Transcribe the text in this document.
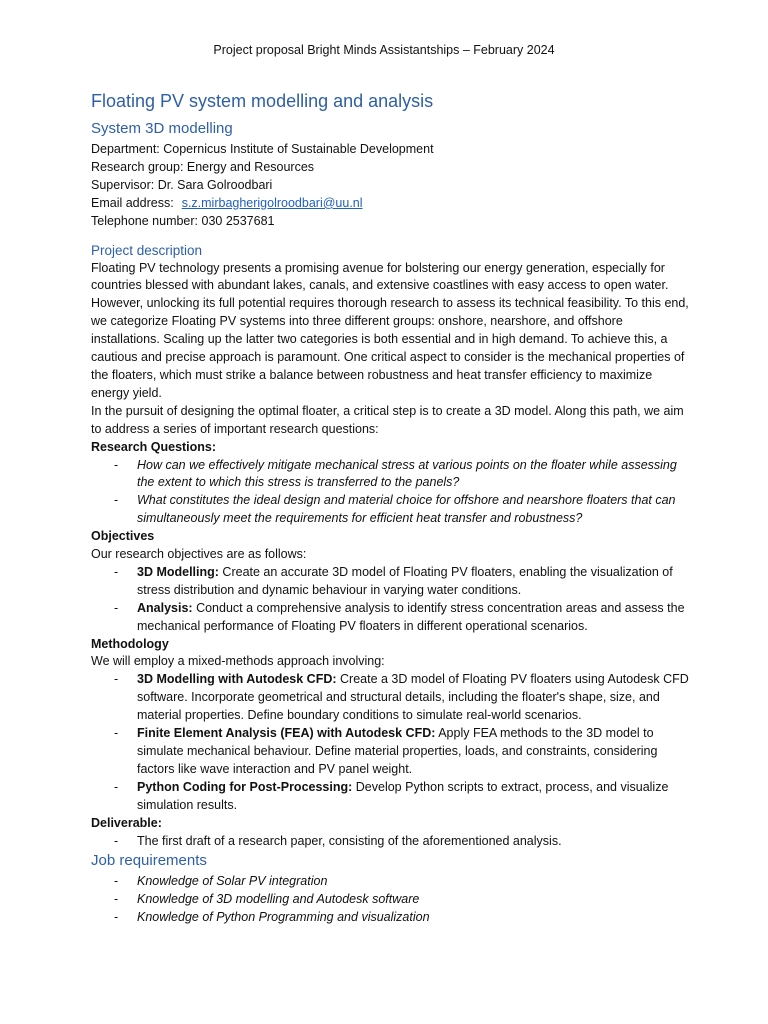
Project proposal Bright Minds Assistantships – February 2024
Floating PV system modelling and analysis
System 3D modelling
Department: Copernicus Institute of Sustainable Development
Research group: Energy and Resources
Supervisor: Dr. Sara Golroodbari
Email address: s.z.mirbagherigolroodbari@uu.nl
Telephone number: 030 2537681
Project description

Floating PV technology presents a promising avenue for bolstering our energy generation, especially for countries blessed with abundant lakes, canals, and extensive coastlines with easy access to open water. However, unlocking its full potential requires thorough research to assess its technical feasibility. To this end, we categorize Floating PV systems into three different groups: onshore, nearshore, and offshore installations. Scaling up the latter two categories is both essential and in high demand. To achieve this, a cautious and precise approach is paramount. One critical aspect to consider is the mechanical properties of the floaters, which must strike a balance between robustness and heat transfer efficiency to maximize energy yield.

In the pursuit of designing the optimal floater, a critical step is to create a 3D model. Along this path, we aim to address a series of important research questions:

Research Questions:
- How can we effectively mitigate mechanical stress at various points on the floater while assessing the extent to which this stress is transferred to the panels?
- What constitutes the ideal design and material choice for offshore and nearshore floaters that can simultaneously meet the requirements for efficient heat transfer and robustness?
Objectives
Our research objectives are as follows:
- 3D Modelling: Create an accurate 3D model of Floating PV floaters, enabling the visualization of stress distribution and dynamic behaviour in varying water conditions.
- Analysis: Conduct a comprehensive analysis to identify stress concentration areas and assess the mechanical performance of Floating PV floaters in different operational scenarios.
Methodology
We will employ a mixed-methods approach involving:
- 3D Modelling with Autodesk CFD: Create a 3D model of Floating PV floaters using Autodesk CFD software. Incorporate geometrical and structural details, including the floater's shape, size, and material properties. Define boundary conditions to simulate real-world scenarios.
- Finite Element Analysis (FEA) with Autodesk CFD: Apply FEA methods to the 3D model to simulate mechanical behaviour. Define material properties, loads, and constraints, considering factors like wave interaction and PV panel weight.
- Python Coding for Post-Processing: Develop Python scripts to extract, process, and visualize simulation results.
Deliverable:
- The first draft of a research paper, consisting of the aforementioned analysis.
Job requirements
- Knowledge of Solar PV integration
- Knowledge of 3D modelling and Autodesk software
- Knowledge of Python Programming and visualization
